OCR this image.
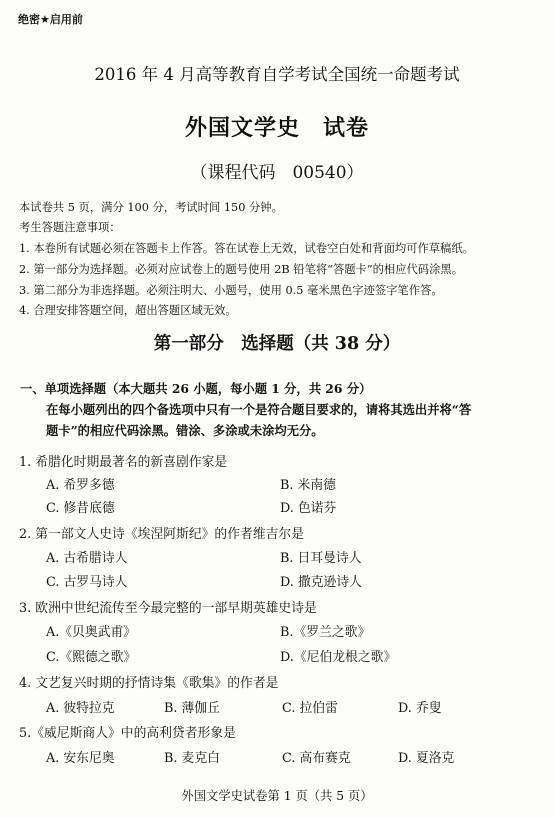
绝密★启用前
2016 年 4 月高等教育自学考试全国统一命题考试
外国文学史　试卷
（课程代码　00540）
本试卷共 5 页，满分 100 分，考试时间 150 分钟。
考生答题注意事项：
1. 本卷所有试题必须在答题卡上作答。答在试卷上无效，试卷空白处和背面均可作草稿纸。
2. 第一部分为选择题。必须对应试卷上的题号使用 2B 铅笔将“答题卡”的相应代码涂黑。
3. 第二部分为非选择题。必须注明大、小题号，使用 0.5 毫米黑色字迹签字笔作答。
4. 合理安排答题空间，超出答题区域无效。
第一部分　选择题（共 38 分）
一、单项选择题（本大题共 26 小题，每小题 1 分，共 26 分）
在每小题列出的四个备选项中只有一个是符合题目要求的，请将其选出并将“答
题卡”的相应代码涂黑。错涂、多涂或未涂均无分。
1. 希腊化时期最著名的新喜剧作家是
A. 希罗多德	B. 米南德
C. 修昔底德	D. 色诺芬
2. 第一部文人史诗《埃涅阿斯纪》的作者维吉尔是
A. 古希腊诗人	B. 日耳曼诗人
C. 古罗马诗人	D. 撒克逊诗人
3. 欧洲中世纪流传至今最完整的一部早期英雄史诗是
A.《贝奥武甫》	B.《罗兰之歌》
C.《熙德之歌》	D.《尼伯龙根之歌》
4. 文艺复兴时期的抒情诗集《歌集》的作者是
A. 彼特拉克	B. 薄伽丘	C. 拉伯雷	D. 乔叟
5.《威尼斯商人》中的高利贷者形象是
A. 安东尼奥	B. 麦克白	C. 高布赛克	D. 夏洛克
外国文学史试卷第 1 页（共 5 页）
